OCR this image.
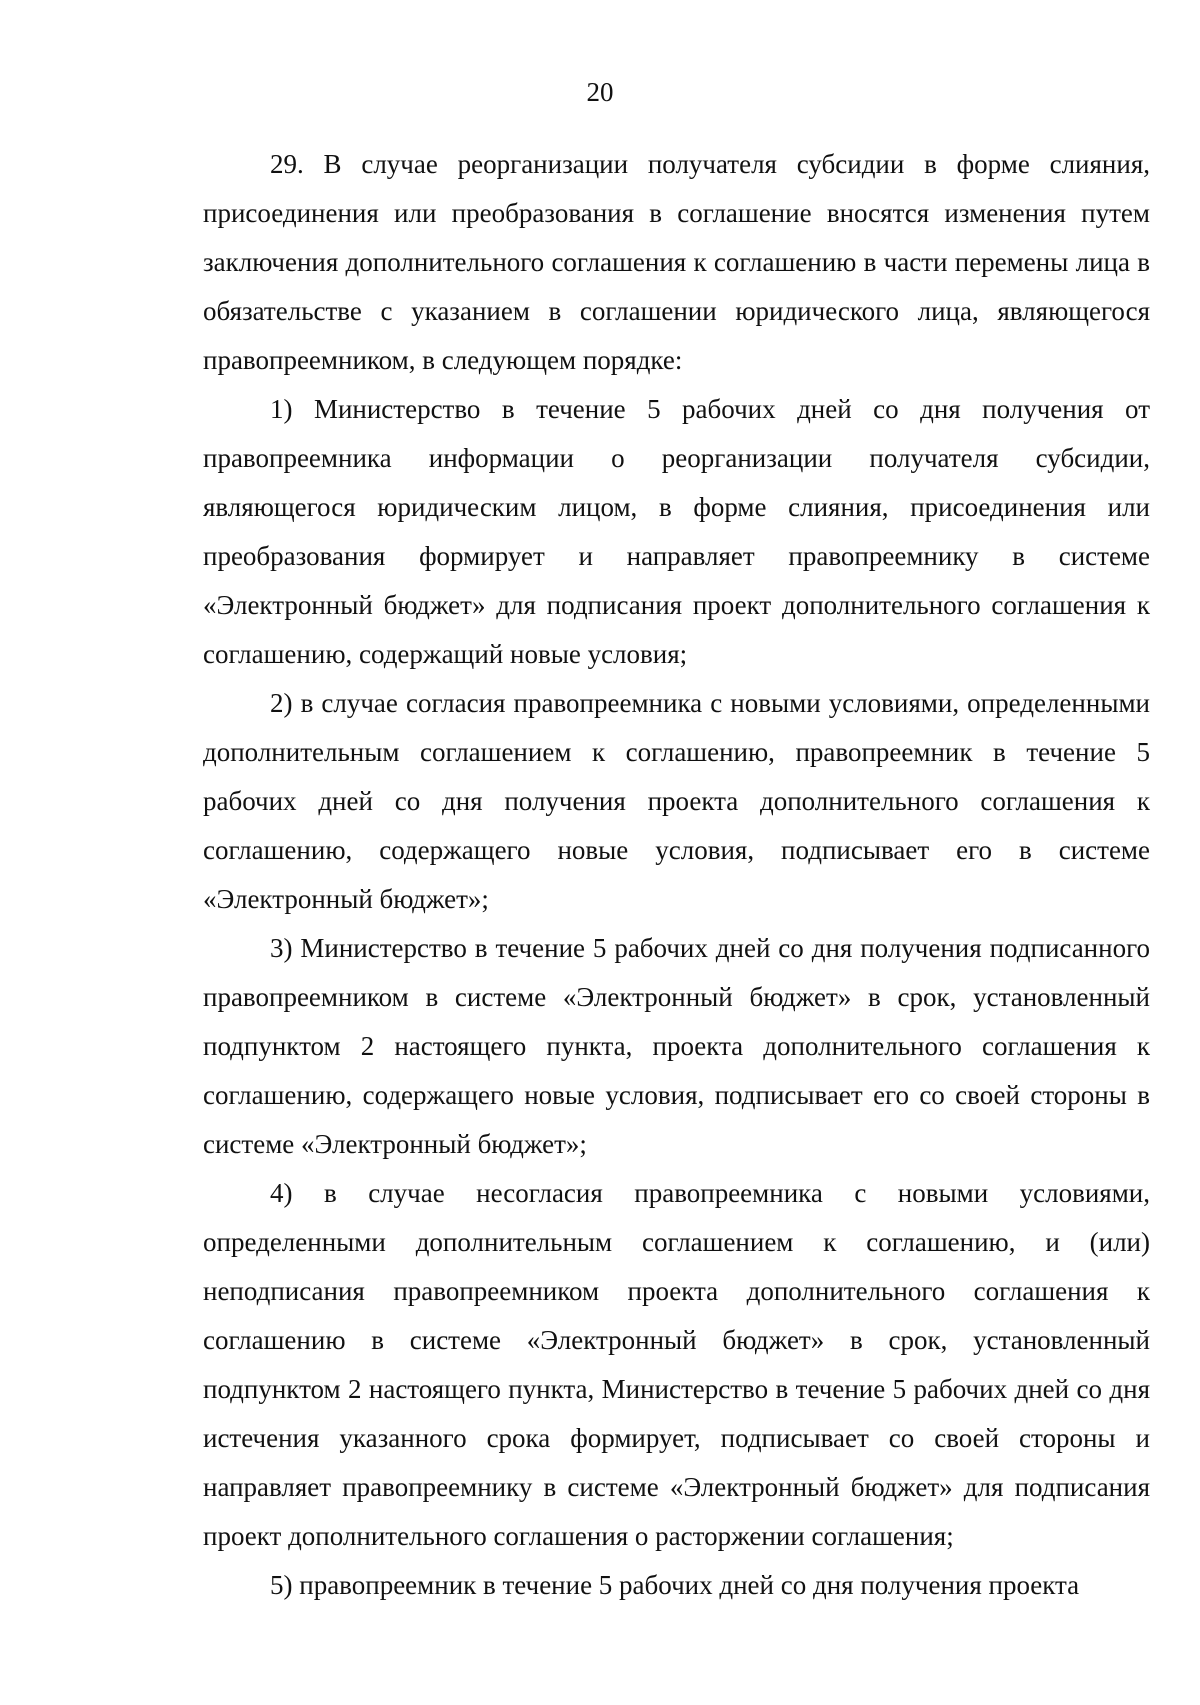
20

29. В случае реорганизации получателя субсидии в форме слияния, присоединения или преобразования в соглашение вносятся изменения путем заключения дополнительного соглашения к соглашению в части перемены лица в обязательстве с указанием в соглашении юридического лица, являющегося правопреемником, в следующем порядке:

1) Министерство в течение 5 рабочих дней со дня получения от правопреемника информации о реорганизации получателя субсидии, являющегося юридическим лицом, в форме слияния, присоединения или преобразования формирует и направляет правопреемнику в системе «Электронный бюджет» для подписания проект дополнительного соглашения к соглашению, содержащий новые условия;

2) в случае согласия правопреемника с новыми условиями, определенными дополнительным соглашением к соглашению, правопреемник в течение 5 рабочих дней со дня получения проекта дополнительного соглашения к соглашению, содержащего новые условия, подписывает его в системе «Электронный бюджет»;

3) Министерство в течение 5 рабочих дней со дня получения подписанного правопреемником в системе «Электронный бюджет» в срок, установленный подпунктом 2 настоящего пункта, проекта дополнительного соглашения к соглашению, содержащего новые условия, подписывает его со своей стороны в системе «Электронный бюджет»;

4) в случае несогласия правопреемника с новыми условиями, определенными дополнительным соглашением к соглашению, и (или) неподписания правопреемником проекта дополнительного соглашения к соглашению в системе «Электронный бюджет» в срок, установленный подпунктом 2 настоящего пункта, Министерство в течение 5 рабочих дней со дня истечения указанного срока формирует, подписывает со своей стороны и направляет правопреемнику в системе «Электронный бюджет» для подписания проект дополнительного соглашения о расторжении соглашения;

5) правопреемник в течение 5 рабочих дней со дня получения проекта
